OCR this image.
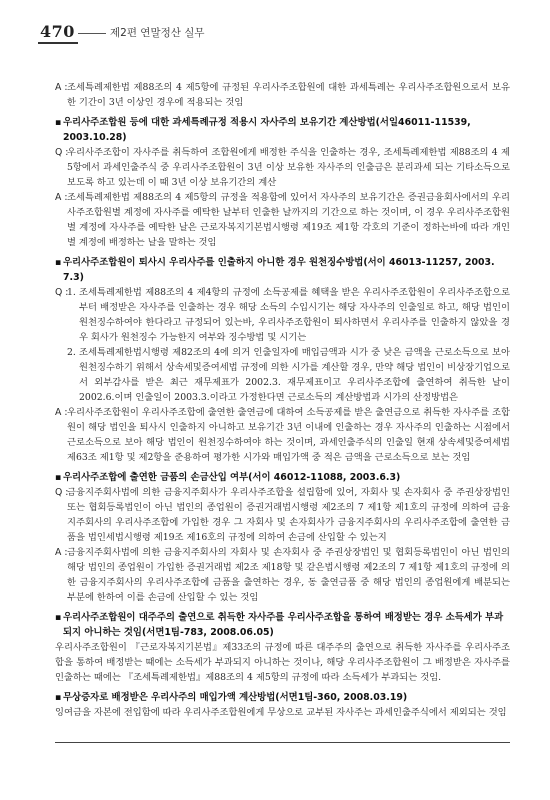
470	제2편 연말정산 실무
A : 조세특례제한법 제88조의 4 제5항에 규정된 우리사주조합원에 대한 과세특례는 우리사주조합원으로서 보유한 기간이 3년 이상인 경우에 적용되는 것임
▪ 우리사주조합원 등에 대한 과세특례규정 적용시 자사주의 보유기간 계산방법(서일46011-11539, 2003.10.28)
Q :
우리사주조합이 자사주를 취득하여 조합원에게 배정한 주식을 인출하는 경우, 조세특례제한법 제88조의 4 제5항에서 과세인출주식 중 우리사주조합원이 3년 이상 보유한 자사주의 인출금은 분리과세 되는 기타소득으로 보도록 하고 있는데 이 때 3년 이상 보유기간의 계산
A : 조세특례제한법 제88조의 4 제5항의 규정을 적용함에 있어서 자사주의 보유기간은 증권금융회사에서의 우리사주조합원별 계정에 자사주를 예탁한 날부터 인출한 날까지의 기간으로 하는 것이며, 이 경우 우리사주조합원별 계정에 자사주를 예탁한 날은 근로자복지기본법시행령 제19조 제1항 각호의 기준이 정하는바에 따라 개인별 계정에 배정하는 날을 말하는 것임
▪ 우리사주조합원이 퇴사시 우리사주를 인출하지 아니한 경우 원천징수방법(서이 46013-11257, 2003. 7.3)
Q :
1. 조세특례제한법 제88조의 4 제4항의 규정에 소득공제를 혜택을 받은 우리사주조합원이 우리사주조합으로부터 배정받은 자사주를 인출하는 경우 해당 소득의 수입시기는 해당 자사주의 인출일로 하고, 해당 법인이 원천징수하여야 한다라고 규정되어 있는바, 우리사주조합원이 퇴사하면서 우리사주를 인출하지 않았을 경우 회사가 원천징수 가능한지 여부와 징수방법 및 시기는
2. 조세특례제한법시행령 제82조의 4에 의거 인출일자에 매입금액과 시가 중 낮은 금액을 근로소득으로 보아 원천징수하기 위해서 상속세및증여세법 규정에 의한 시가를 계산할 경우, 만약 해당 법인이 비상장기업으로서 외부감사를 받은 최근 재무제표가 2002.3. 재무제표이고 우리사주조합에 출연하여 취득한 날이 2002.6.이며 인출일이 2003.3.이라고 가정한다면 근로소득의 계산방법과 시가의 산정방법은
A : 우리사주조합원이 우리사주조합에 출연한 출연금에 대하여 소득공제를 받은 출연금으로 취득한 자사주를 조합원이 해당 법인을 퇴사시 인출하지 아니하고 보유기간 3년 이내에 인출하는 경우 자사주의 인출하는 시점에서 근로소득으로 보아 해당 법인이 원천징수하여야 하는 것이며, 과세인출주식의 인출일 현재 상속세및증여세법 제63조 제1항 및 제2항을 준용하여 평가한 시가와 매입가액 중 적은 금액을 근로소득으로 보는 것임
▪ 우리사주조합에 출연한 금품의 손금산입 여부(서이 46012-11088, 2003.6.3)
Q :
금융지주회사법에 의한 금융지주회사가 우리사주조합을 설립함에 있어, 자회사 및 손자회사 중 주권상장법인 또는 협회등록법인이 아닌 법인의 종업원이 증권거래법시행령 제2조의 7 제1항 제1호의 규정에 의하여 금융지주회사의 우리사주조합에 가입한 경우 그 자회사 및 손자회사가 금융지주회사의 우리사주조합에 출연한 금품을 법인세법시행령 제19조 제16호의 규정에 의하여 손금에 산입할 수 있는지
A : 금융지주회사법에 의한 금융지주회사의 자회사 및 손자회사 중 주권상장법인 및 협회등록법인이 아닌 법인의 해당 법인의 종업원이 가입한 증권거래법 제2조 제18항 및 같은법시행령 제2조의 7 제1항 제1호의 규정에 의한 금융지주회사의 우리사주조합에 금품을 출연하는 경우, 동 출연금품 중 해당 법인의 종업원에게 배분되는 부분에 한하여 이를 손금에 산입할 수 있는 것임
▪ 우리사주조합원이 대주주의 출연으로 취득한 자사주를 우리사주조합을 통하여 배정받는 경우 소득세가 부과되지 아니하는 것임(서면1팀-783, 2008.06.05)
우리사주조합원이 『근로자복지기본법』제33조의 규정에 따른 대주주의 출연으로 취득한 자사주를 우리사주조합을 통하여 배정받는 때에는 소득세가 부과되지 아니하는 것이나, 해당 우리사주조합원이 그 배정받은 자사주를 인출하는 때에는 『조세특례제한법』제88조의 4 제5항의 규정에 따라 소득세가 부과되는 것임.
▪ 무상증자로 배정받은 우리사주의 매입가액 계산방법(서면1팀-360, 2008.03.19)
잉여금을 자본에 전입함에 따라 우리사주조합원에게 무상으로 교부된 자사주는 과세인출주식에서 제외되는 것임
